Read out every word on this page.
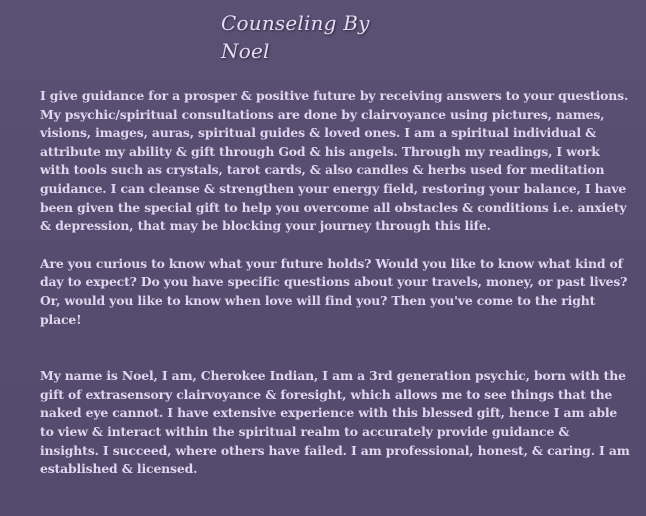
Counseling By
Noel

I give guidance for a prosper & positive future by receiving answers to your questions. My psychic/spiritual consultations are done by clairvoyance using pictures, names, visions, images, auras, spiritual guides & loved ones. I am a spiritual individual & attribute my ability & gift through God & his angels. Through my readings, I work with tools such as crystals, tarot cards, & also candles & herbs used for meditation guidance. I can cleanse & strengthen your energy field, restoring your balance, I have been given the special gift to help you overcome all obstacles & conditions i.e. anxiety & depression, that may be blocking your journey through this life.

Are you curious to know what your future holds? Would you like to know what kind of day to expect? Do you have specific questions about your travels, money, or past lives? Or, would you like to know when love will find you? Then you've come to the right place!

My name is Noel, I am, Cherokee Indian, I am a 3rd generation psychic, born with the gift of extrasensory clairvoyance & foresight, which allows me to see things that the naked eye cannot. I have extensive experience with this blessed gift, hence I am able to view & interact within the spiritual realm to accurately provide guidance & insights. I succeed, where others have failed. I am professional, honest, & caring. I am established & licensed.
